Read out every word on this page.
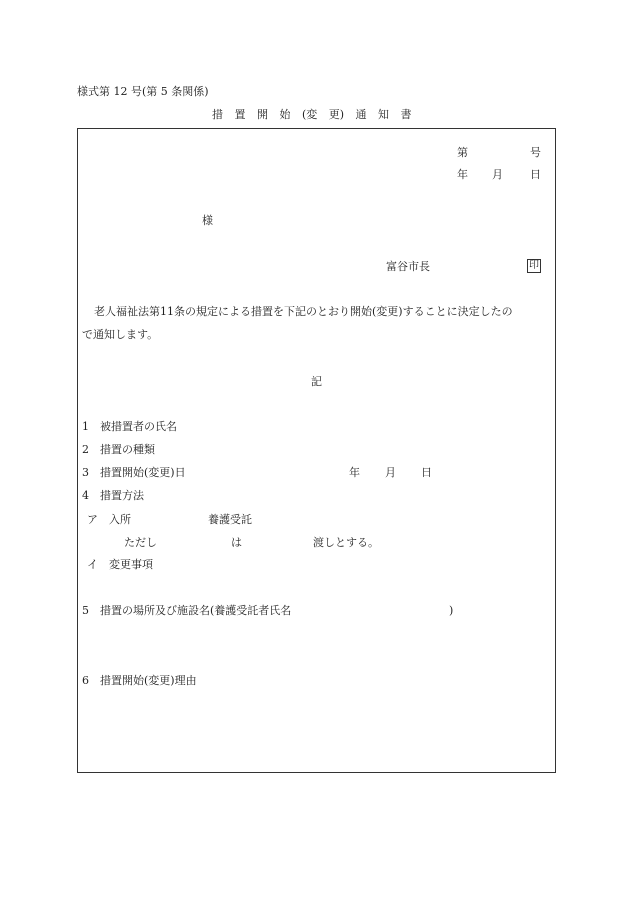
様式第 12 号(第 5 条関係)
措 置 開 始 (変 更) 通 知 書
第	号
年 月 日
様
富谷市長	印
老人福祉法第11条の規定による措置を下記のとおり開始(変更)することに決定したの
で通知します。
記
1　被措置者の氏名
2　措置の種類
3　措置開始(変更)日	年 月 日
4　措置方法
ア　入所	養護受託
ただし	は	渡しとする。
イ　変更事項
5　措置の場所及び施設名(養護受託者氏名	)
6　措置開始(変更)理由
